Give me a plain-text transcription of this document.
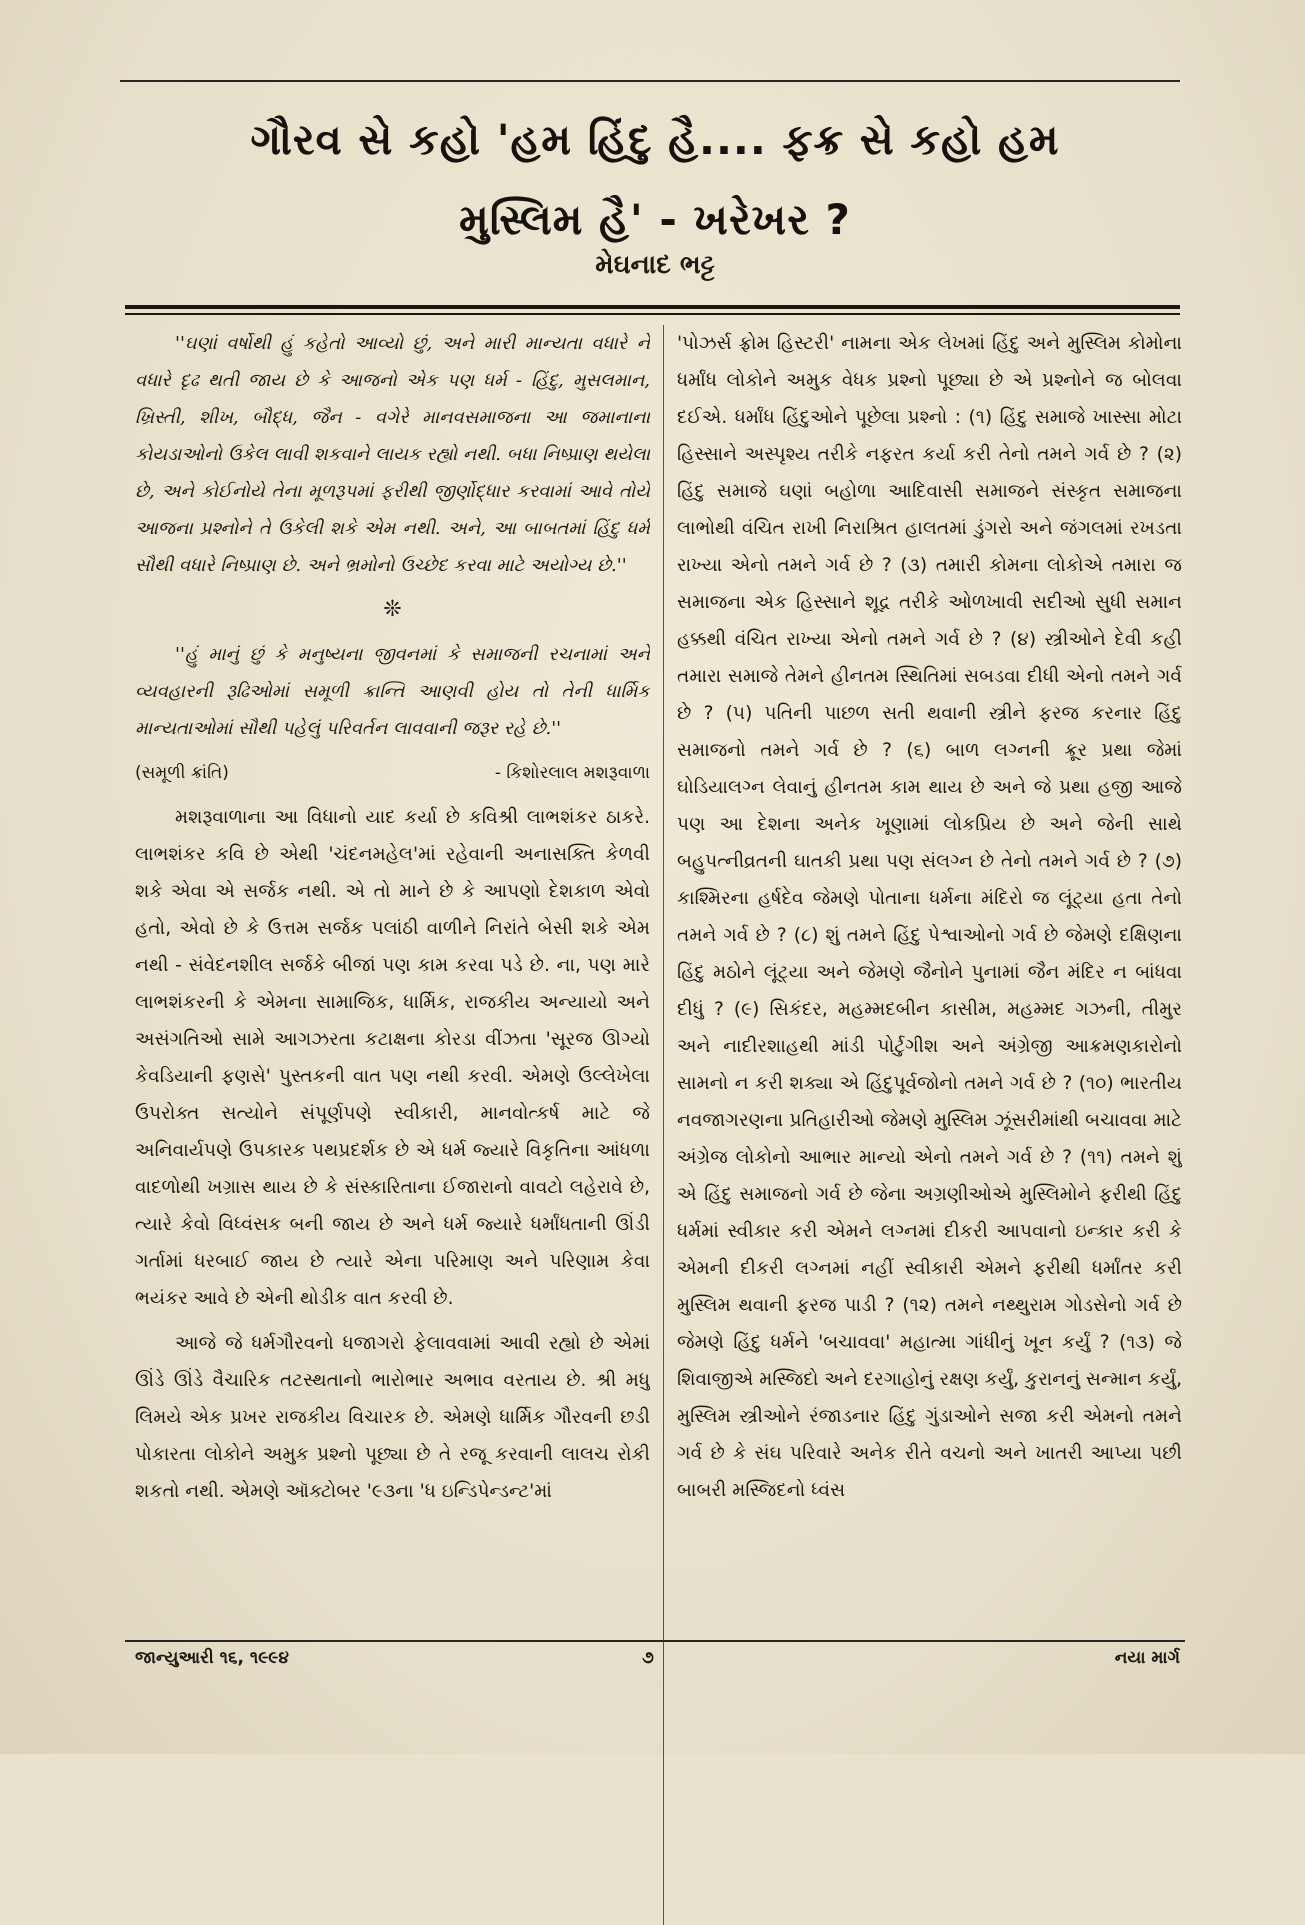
ગૌરવ સે કહો 'હમ હિંદુ હૈ.... ફક્ર સે કહો હમ
મુસ્લિમ હૈ' - ખરેખર ?
મેઘનાદ ભટ્ટ

''ઘણાં વર્ષોથી હું કહેતો આવ્યો છું, અને મારી માન્યતા વધારે ને વધારે દૃઢ થતી જાય છે કે આજનો એક પણ ધર્મ - હિંદુ, મુસલમાન, ખ્રિસ્તી, શીખ, બૌદ્ધ, જૈન - વગેરે માનવસમાજના આ જમાનાના કોયડાઓનો ઉકેલ લાવી શકવાને લાયક રહ્યો નથી. બધા નિષ્પ્રાણ થયેલા છે, અને કોઈનોયે તેના મૂળરૂપમાં ફરીથી જીર્ણોદ્ધાર કરવામાં આવે તોયે આજના પ્રશ્નોને તે ઉકેલી શકે એમ નથી. અને, આ બાબતમાં હિંદુ ધર્મ સૌથી વધારે નિષ્પ્રાણ છે. અને ભ્રમોનો ઉચ્છેદ કરવા માટે અયોગ્ય છે.''

❊

''હું માનું છું કે મનુષ્યના જીવનમાં કે સમાજની રચનામાં અને વ્યવહારની રૂઢિઓમાં સમૂળી ક્રાન્તિ આણવી હોય તો તેની ધાર્મિક માન્યતાઓમાં સૌથી પહેલું પરિવર્તન લાવવાની જરૂર રહે છે.''

(સમૂળી ક્રાંતિ)	- કિશોરલાલ મશરૂવાળા

મશરૂવાળાના આ વિધાનો યાદ કર્યા છે કવિશ્રી લાભશંકર ઠાકરે. લાભશંકર કવિ છે એથી 'ચંદનમહેલ'માં રહેવાની અનાસક્તિ કેળવી શકે એવા એ સર્જક નથી. એ તો માને છે કે આપણો દેશકાળ એવો હતો, એવો છે કે ઉત્તમ સર્જક પલાંઠી વાળીને નિરાંતે બેસી શકે એમ નથી - સંવેદનશીલ સર્જકે બીજાં પણ કામ કરવા પડે છે. ના, પણ મારે લાભશંકરની કે એમના સામાજિક, ધાર્મિક, રાજકીય અન્યાયો અને અસંગતિઓ સામે આગઝરતા કટાક્ષના કોરડા વીંઝતા 'સૂરજ ઊગ્યો કેવડિયાની ફણસે' પુસ્તકની વાત પણ નથી કરવી. એમણે ઉલ્લેખેલા ઉપરોક્ત સત્યોને સંપૂર્ણપણે સ્વીકારી, માનવોત્કર્ષ માટે જે અનિવાર્યપણે ઉપકારક પથપ્રદર્શક છે એ ધર્મ જ્યારે વિકૃતિના આંધળા વાદળોથી ખગ્રાસ થાય છે કે સંસ્કારિતાના ઈજારાનો વાવટો લહેરાવે છે, ત્યારે કેવો વિધ્વંસક બની જાય છે અને ધર્મ જ્યારે ધર્માંધતાની ઊંડી ગર્તામાં ધરબાઈ જાય છે ત્યારે એના પરિમાણ અને પરિણામ કેવા ભયંકર આવે છે એની થોડીક વાત કરવી છે.

આજે જે ધર્મગૌરવનો ધજાગરો ફેલાવવામાં આવી રહ્યો છે એમાં ઊંડે ઊંડે વૈચારિક તટસ્થતાનો ભારોભાર અભાવ વરતાય છે. શ્રી મધુ લિમયે એક પ્રખર રાજકીય વિચારક છે. એમણે ધાર્મિક ગૌરવની છડી પોકારતા લોકોને અમુક પ્રશ્નો પૂછ્યા છે તે રજૂ કરવાની લાલચ રોકી શકતો નથી. એમણે ઑક્ટોબર '૯૩ના 'ધ ઇન્ડિપેન્ડન્ટ'માં

'પોઝર્સ ફ્રોમ હિસ્ટરી' નામના એક લેખમાં હિંદુ અને મુસ્લિમ કોમોના ધર્માંધ લોકોને અમુક વેધક પ્રશ્નો પૂછ્યા છે એ પ્રશ્નોને જ બોલવા દઈએ. ધર્માંધ હિંદુઓને પૂછેલા પ્રશ્નો : (૧) હિંદુ સમાજે ખાસ્સા મોટા હિસ્સાને અસ્પૃશ્ય તરીકે નફરત કર્યા કરી તેનો તમને ગર્વ છે ? (૨) હિંદુ સમાજે ઘણાં બહોળા આદિવાસી સમાજને સંસ્કૃત સમાજના લાભોથી વંચિત રાખી નિરાશ્રિત હાલતમાં ડુંગરો અને જંગલમાં રખડતા રાખ્યા એનો તમને ગર્વ છે ? (૩) તમારી કોમના લોકોએ તમારા જ સમાજના એક હિસ્સાને શૂદ્ર તરીકે ઓળખાવી સદીઓ સુધી સમાન હક્કથી વંચિત રાખ્યા એનો તમને ગર્વ છે ? (૪) સ્ત્રીઓને દેવી કહી તમારા સમાજે તેમને હીનતમ સ્થિતિમાં સબડવા દીધી એનો તમને ગર્વ છે ? (૫) પતિની પાછળ સતી થવાની સ્ત્રીને ફરજ કરનાર હિંદુ સમાજનો તમને ગર્વ છે ? (૬) બાળ લગ્નની ક્રૂર પ્રથા જેમાં ઘોડિયાલગ્ન લેવાનું હીનતમ કામ થાય છે અને જે પ્રથા હજી આજે પણ આ દેશના અનેક ખૂણામાં લોકપ્રિય છે અને જેની સાથે બહુપત્નીવ્રતની ઘાતકી પ્રથા પણ સંલગ્ન છે તેનો તમને ગર્વ છે ? (૭) કાશ્મિરના હર્ષદેવ જેમણે પોતાના ધર્મના મંદિરો જ લૂંટ્યા હતા તેનો તમને ગર્વ છે ? (૮) શું તમને હિંદુ પેશ્વાઓનો ગર્વ છે જેમણે દક્ષિણના હિંદુ મઠોને લૂંટ્યા અને જેમણે જૈનોને પુનામાં જૈન મંદિર ન બાંધવા દીધું ? (૯) સિકંદર, મહમ્મદબીન કાસીમ, મહમ્મદ ગઝની, તીમુર અને નાદીરશાહથી માંડી પોર્ટુગીશ અને અંગ્રેજી આક્રમણકારોનો સામનો ન કરી શક્યા એ હિંદુપૂર્વજોનો તમને ગર્વ છે ? (૧૦) ભારતીય નવજાગરણના પ્રતિહારીઓ જેમણે મુસ્લિમ ઝૂંસરીમાંથી બચાવવા માટે અંગ્રેજ લોકોનો આભાર માન્યો એનો તમને ગર્વ છે ? (૧૧) તમને શું એ હિંદુ સમાજનો ગર્વ છે જેના અગ્રણીઓએ મુસ્લિમોને ફરીથી હિંદુ ધર્મમાં સ્વીકાર કરી એમને લગ્નમાં દીકરી આપવાનો ઇન્કાર કરી કે એમની દીકરી લગ્નમાં નહીં સ્વીકારી એમને ફરીથી ધર્માંતર કરી મુસ્લિમ થવાની ફરજ પાડી ? (૧૨) તમને નથ્થુરામ ગોડસેનો ગર્વ છે જેમણે હિંદુ ધર્મને 'બચાવવા' મહાત્મા ગાંધીનું ખૂન કર્યું ? (૧૩) જે શિવાજીએ મસ્જિદો અને દરગાહોનું રક્ષણ કર્યું, કુરાનનું સન્માન કર્યું, મુસ્લિમ સ્ત્રીઓને રંજાડનાર હિંદુ ગુંડાઓને સજા કરી એમનો તમને ગર્વ છે કે સંઘ પરિવારે અનેક રીતે વચનો અને ખાતરી આપ્યા પછી બાબરી મસ્જિદનો ધ્વંસ

જાન્યુઆરી ૧૬, ૧૯૯૪	૭	નયા માર્ગ
